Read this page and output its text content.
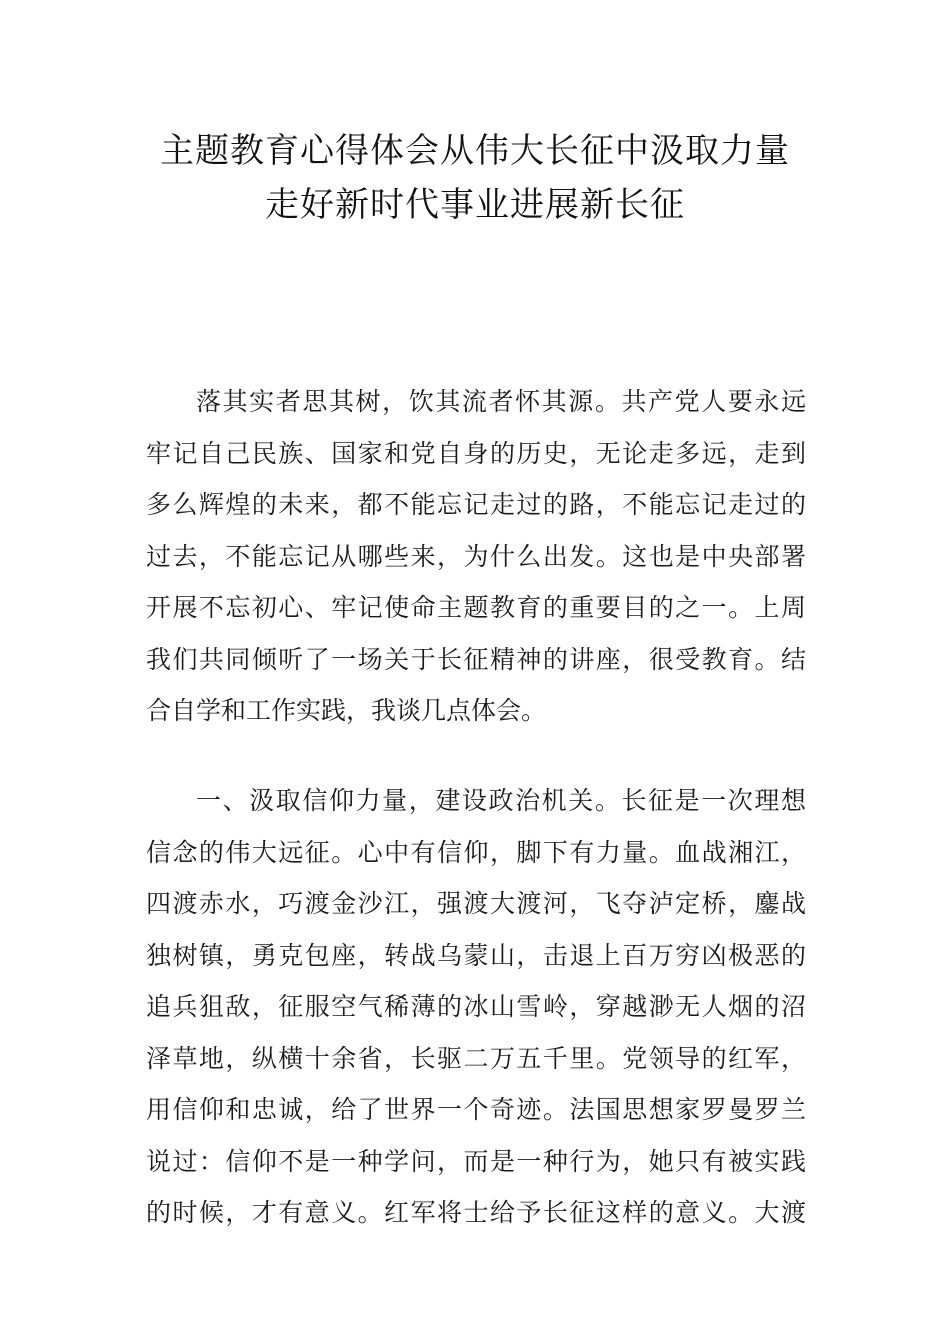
主题教育心得体会从伟大长征中汲取力量
走好新时代事业进展新长征
落其实者思其树，饮其流者怀其源。共产党人要永远
牢记自己民族、国家和党自身的历史，无论走多远，走到
多么辉煌的未来，都不能忘记走过的路，不能忘记走过的
过去，不能忘记从哪些来，为什么出发。这也是中央部署
开展不忘初心、牢记使命主题教育的重要目的之一。上周
我们共同倾听了一场关于长征精神的讲座，很受教育。结
合自学和工作实践，我谈几点体会。
一、汲取信仰力量，建设政治机关。长征是一次理想
信念的伟大远征。心中有信仰，脚下有力量。血战湘江，
四渡赤水，巧渡金沙江，强渡大渡河，飞夺泸定桥，鏖战
独树镇，勇克包座，转战乌蒙山，击退上百万穷凶极恶的
追兵狙敌，征服空气稀薄的冰山雪岭，穿越渺无人烟的沼
泽草地，纵横十余省，长驱二万五千里。党领导的红军，
用信仰和忠诚，给了世界一个奇迹。法国思想家罗曼罗兰
说过：信仰不是一种学问，而是一种行为，她只有被实践
的时候，才有意义。红军将士给予长征这样的意义。大渡
